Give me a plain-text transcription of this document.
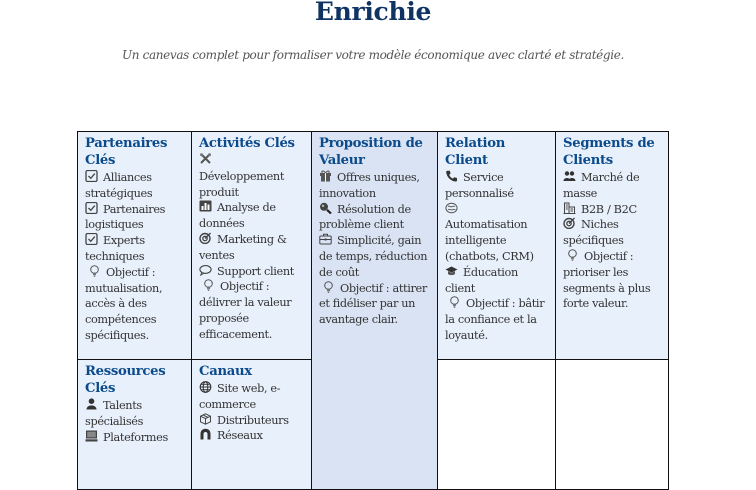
Enrichie
Un canevas complet pour formaliser votre modèle économique avec clarté et stratégie.
Partenaires Clés
Alliances stratégiques
Partenaires logistiques
Experts techniques
Objectif : mutualisation, accès à des compétences spécifiques.

Activités Clés

Développement produit
Analyse de données
Marketing & ventes
Support client
Objectif : délivrer la valeur proposée efficacement.

Proposition de Valeur
Offres uniques, innovation
Résolution de problème client
Simplicité, gain de temps, réduction de coût
Objectif : attirer et fidéliser par un avantage clair.

Relation Client
Service personnalisé

Automatisation intelligente (chatbots, CRM)
Éducation client
Objectif : bâtir la confiance et la loyauté.

Segments de Clients
Marché de masse
B2B / B2C
Niches spécifiques
Objectif : prioriser les segments à plus forte valeur.

Ressources Clés
Talents spécialisés
Plateformes	Canaux
Site web, e-commerce
Distributeurs
Réseaux			
